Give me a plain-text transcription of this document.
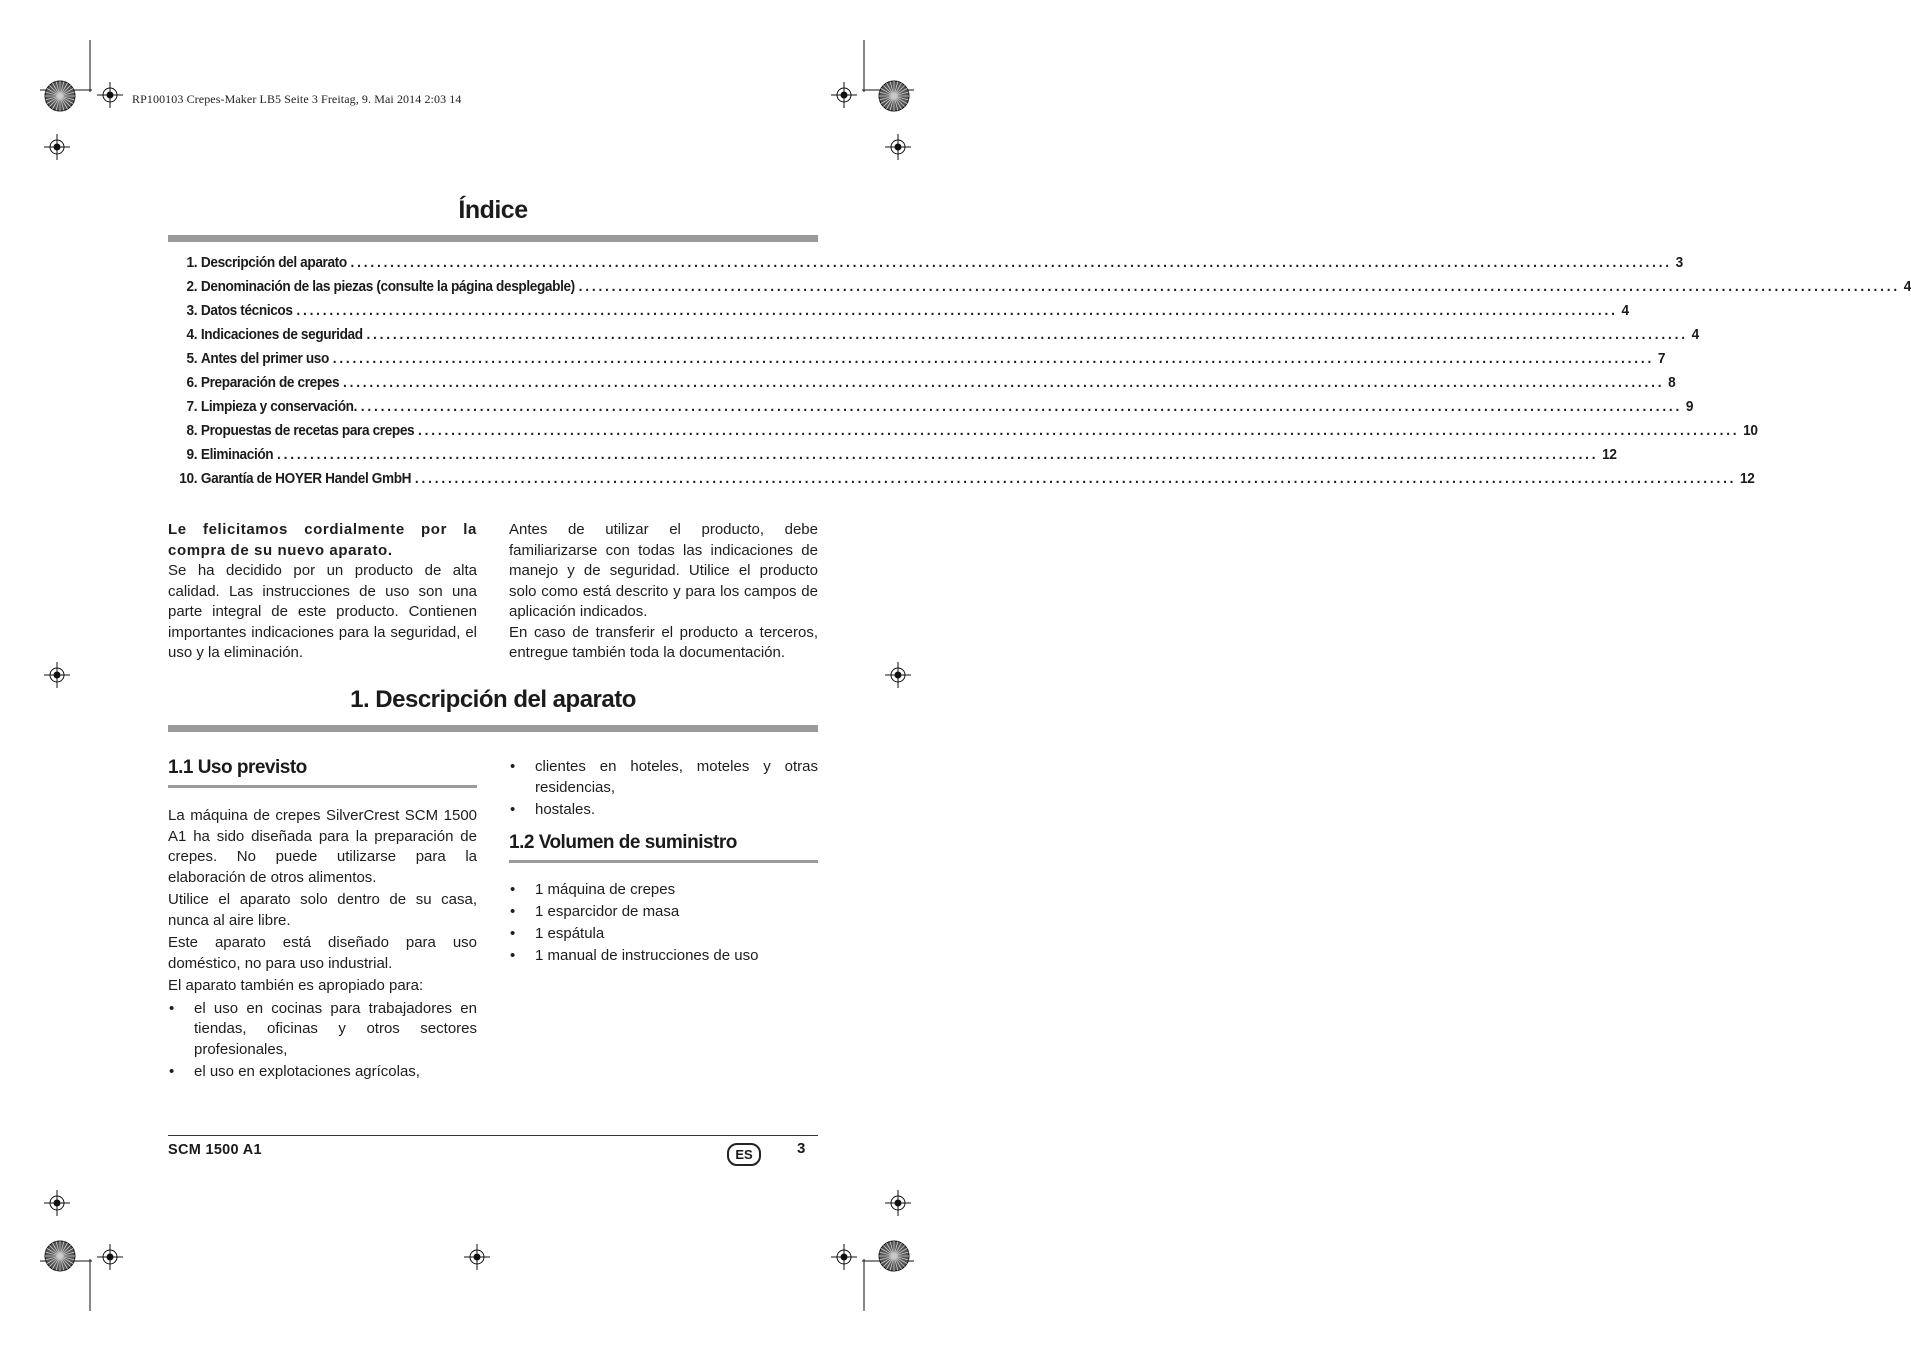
RP100103 Crepes-Maker LB5 Seite 3 Freitag, 9. Mai 2014 2:03 14
Índice
1. Descripción del aparato ........................................................................................................................................................................................................ 3
2. Denominación de las piezas (consulte la página desplegable) ........................................................................................................................................................................................................ 4
3. Datos técnicos ........................................................................................................................................................................................................ 4
4. Indicaciones de seguridad ........................................................................................................................................................................................................ 4
5. Antes del primer uso ........................................................................................................................................................................................................ 7
6. Preparación de crepes ........................................................................................................................................................................................................ 8
7. Limpieza y conservación. ........................................................................................................................................................................................................ 9
8. Propuestas de recetas para crepes ........................................................................................................................................................................................................ 10
9. Eliminación ........................................................................................................................................................................................................ 12
10. Garantía de HOYER Handel GmbH ........................................................................................................................................................................................................ 12

Le felicitamos cordialmente por la compra de su nuevo aparato.

Se ha decidido por un producto de alta calidad. Las instrucciones de uso son una parte integral de este producto. Contienen importantes indicaciones para la seguridad, el uso y la eliminación.

Antes de utilizar el producto, debe familiarizarse con todas las indicaciones de manejo y de seguridad. Utilice el producto solo como está descrito y para los campos de aplicación indicados.

En caso de transferir el producto a terceros, entregue también toda la documentación.

1. Descripción del aparato
1.1 Uso previsto

La máquina de crepes SilverCrest SCM 1500 A1 ha sido diseñada para la preparación de crepes. No puede utilizarse para la elaboración de otros alimentos.

Utilice el aparato solo dentro de su casa, nunca al aire libre.

Este aparato está diseñado para uso doméstico, no para uso industrial.

El aparato también es apropiado para:

• el uso en cocinas para trabajadores en tiendas, oficinas y otros sectores profesionales,
• el uso en explotaciones agrícolas,
• clientes en hoteles, moteles y otras residencias,
• hostales.
1.2 Volumen de suministro
• 1 máquina de crepes
• 1 esparcidor de masa
• 1 espátula
• 1 manual de instrucciones de uso
SCM 1500 A1	ES	3
